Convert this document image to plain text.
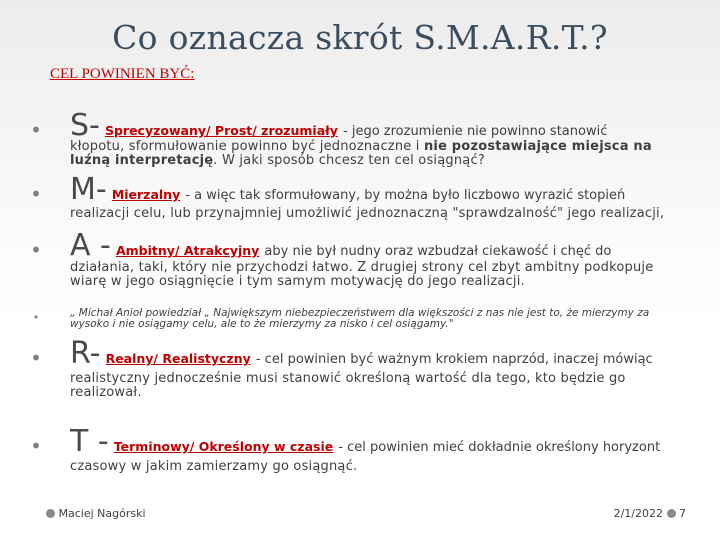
Co oznacza skrót S.M.A.R.T.?
CEL POWINIEN BYĆ:
• S- Sprecyzowany/ Prost/ zrozumiały - jego zrozumienie nie powinno stanowić
kłopotu, sformułowanie powinno być jednoznaczne i nie pozostawiające miejsca na luźną interpretację. W jaki sposób chcesz ten cel osiągnąć?
• M- Mierzalny - a więc tak sformułowany, by można było liczbowo wyrazić stopień
realizacji celu, lub przynajmniej umożliwić jednoznaczną "sprawdzalność" jego realizacji,
• A - Ambitny/ Atrakcyjny aby nie był nudny oraz wzbudzał ciekawość i chęć do
działania, taki, który nie przychodzi łatwo. Z drugiej strony cel zbyt ambitny podkopuje wiarę w jego osiągnięcie i tym samym motywację do jego realizacji.
•	„ Michał Anioł powiedział „ Największym niebezpieczeństwem dla większości z nas nie jest to, że mierzymy za wysoko i nie osiągamy celu, ale to że mierzymy za nisko i cel osiągamy."
• R- Realny/ Realistyczny - cel powinien być ważnym krokiem naprzód, inaczej mówiąc
realistyczny jednocześnie musi stanowić określoną wartość dla tego, kto będzie go realizował.
• T - Terminowy/ Określony w czasie - cel powinien mieć dokładnie określony horyzont
czasowy w jakim zamierzamy go osiągnąć.
Maciej Nagórski	2/1/2022 7
